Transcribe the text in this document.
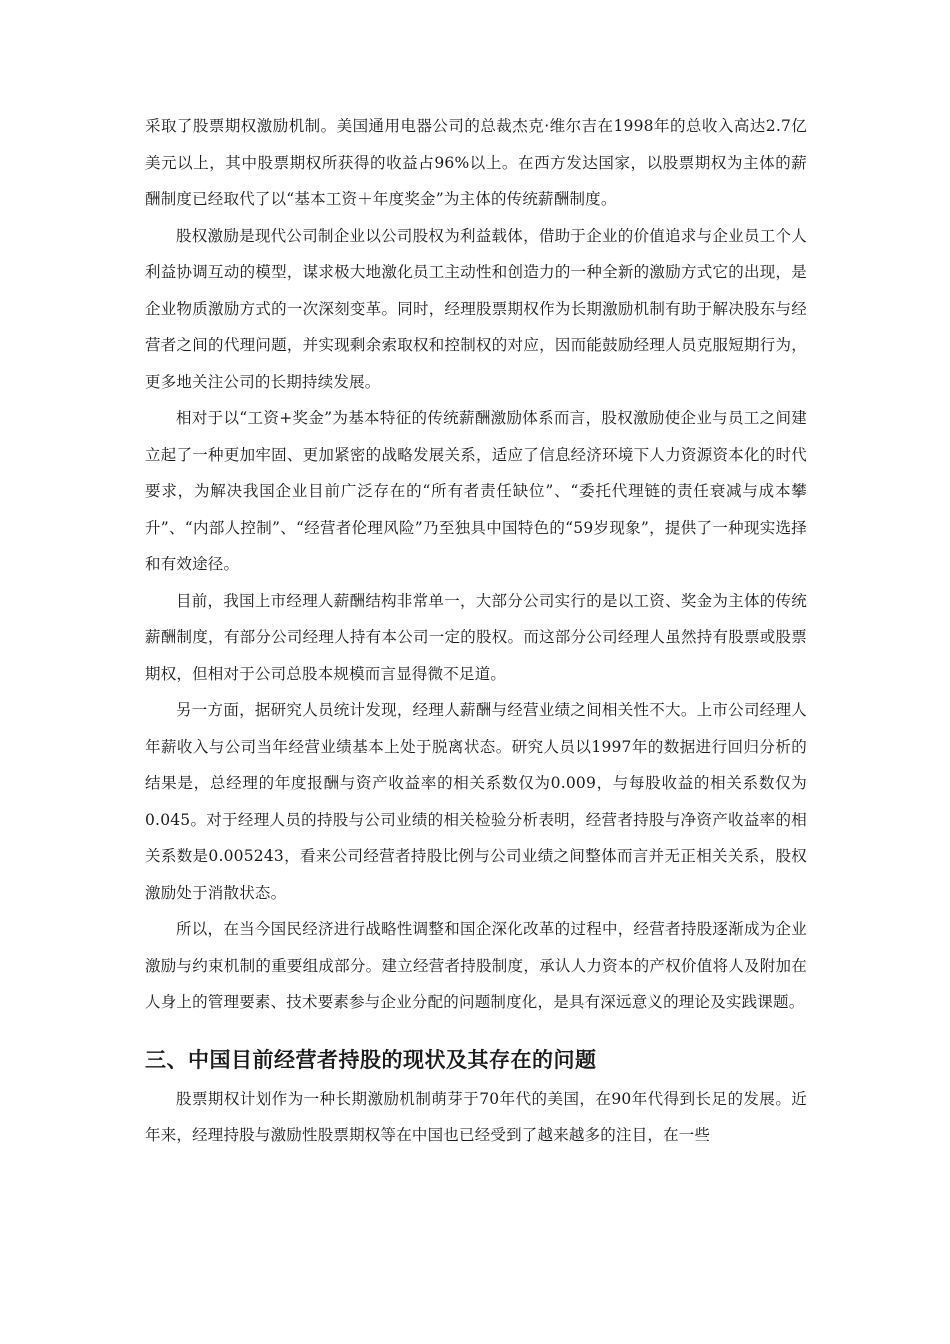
采取了股票期权激励机制。美国通用电器公司的总裁杰克·维尔吉在1998年的总收入高达2.7亿美元以上，其中股票期权所获得的收益占96%以上。在西方发达国家，以股票期权为主体的薪酬制度已经取代了以“基本工资＋年度奖金”为主体的传统薪酬制度。

股权激励是现代公司制企业以公司股权为利益载体，借助于企业的价值追求与企业员工个人利益协调互动的模型，谋求极大地激化员工主动性和创造力的一种全新的激励方式它的出现，是企业物质激励方式的一次深刻变革。同时，经理股票期权作为长期激励机制有助于解决股东与经营者之间的代理问题，并实现剩余索取权和控制权的对应，因而能鼓励经理人员克服短期行为，更多地关注公司的长期持续发展。

相对于以“工资+奖金”为基本特征的传统薪酬激励体系而言，股权激励使企业与员工之间建立起了一种更加牢固、更加紧密的战略发展关系，适应了信息经济环境下人力资源资本化的时代要求，为解决我国企业目前广泛存在的“所有者责任缺位”、“委托代理链的责任衰减与成本攀升”、“内部人控制”、“经营者伦理风险”乃至独具中国特色的“59岁现象”，提供了一种现实选择和有效途径。

目前，我国上市经理人薪酬结构非常单一，大部分公司实行的是以工资、奖金为主体的传统薪酬制度，有部分公司经理人持有本公司一定的股权。而这部分公司经理人虽然持有股票或股票期权，但相对于公司总股本规模而言显得微不足道。

另一方面，据研究人员统计发现，经理人薪酬与经营业绩之间相关性不大。上市公司经理人年薪收入与公司当年经营业绩基本上处于脱离状态。研究人员以1997年的数据进行回归分析的结果是，总经理的年度报酬与资产收益率的相关系数仅为0.009，与每股收益的相关系数仅为0.045。对于经理人员的持股与公司业绩的相关检验分析表明，经营者持股与净资产收益率的相关系数是0.005243，看来公司经营者持股比例与公司业绩之间整体而言并无正相关关系，股权激励处于消散状态。

所以，在当今国民经济进行战略性调整和国企深化改革的过程中，经营者持股逐渐成为企业激励与约束机制的重要组成部分。建立经营者持股制度，承认人力资本的产权价值将人及附加在人身上的管理要素、技术要素参与企业分配的问题制度化，是具有深远意义的理论及实践课题。

三、中国目前经营者持股的现状及其存在的问题

股票期权计划作为一种长期激励机制萌芽于70年代的美国，在90年代得到长足的发展。近年来，经理持股与激励性股票期权等在中国也已经受到了越来越多的注目，在一些
